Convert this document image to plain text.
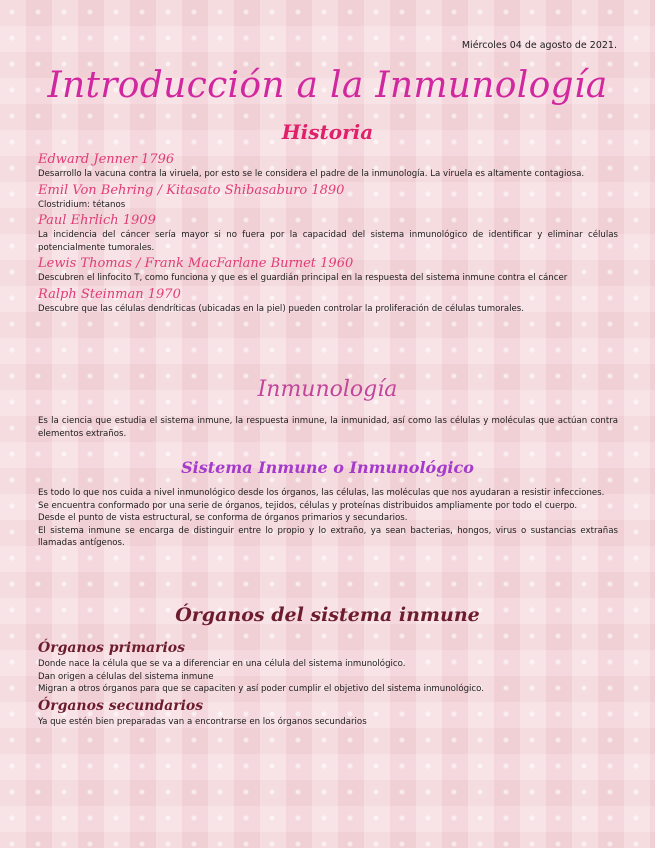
Miércoles 04 de agosto de 2021.
Introducción a la Inmunología
Historia

Edward Jenner 1796

Desarrollo la vacuna contra la viruela, por esto se le considera el padre de la inmunología. La viruela es altamente contagiosa.

Emil Von Behring / Kitasato Shibasaburo 1890

Clostridium: tétanos

Paul Ehrlich 1909

La incidencia del cáncer sería mayor si no fuera por la capacidad del sistema inmunológico de identificar y eliminar células potencialmente tumorales.

Lewis Thomas / Frank MacFarlane Burnet 1960

Descubren el linfocito T, como funciona y que es el guardián principal en la respuesta del sistema inmune contra el cáncer

Ralph Steinman 1970

Descubre que las células dendríticas (ubicadas en la piel) pueden controlar la proliferación de células tumorales.

Inmunología

Es la ciencia que estudia el sistema inmune, la respuesta inmune, la inmunidad, así como las células y moléculas que actúan contra elementos extraños.

Sistema Inmune o Inmunológico

Es todo lo que nos cuida a nivel inmunológico desde los órganos, las células, las moléculas que nos ayudaran a resistir infecciones.

Se encuentra conformado por una serie de órganos, tejidos, células y proteínas distribuidos ampliamente por todo el cuerpo.

Desde el punto de vista estructural, se conforma de órganos primarios y secundarios.

El sistema inmune se encarga de distinguir entre lo propio y lo extraño, ya sean bacterias, hongos, virus o sustancias extrañas llamadas antígenos.

Órganos del sistema inmune

Órganos primarios

Donde nace la célula que se va a diferenciar en una célula del sistema inmunológico.

Dan origen a células del sistema inmune

Migran a otros órganos para que se capaciten y así poder cumplir el objetivo del sistema inmunológico.

Órganos secundarios

Ya que estén bien preparadas van a encontrarse en los órganos secundarios
